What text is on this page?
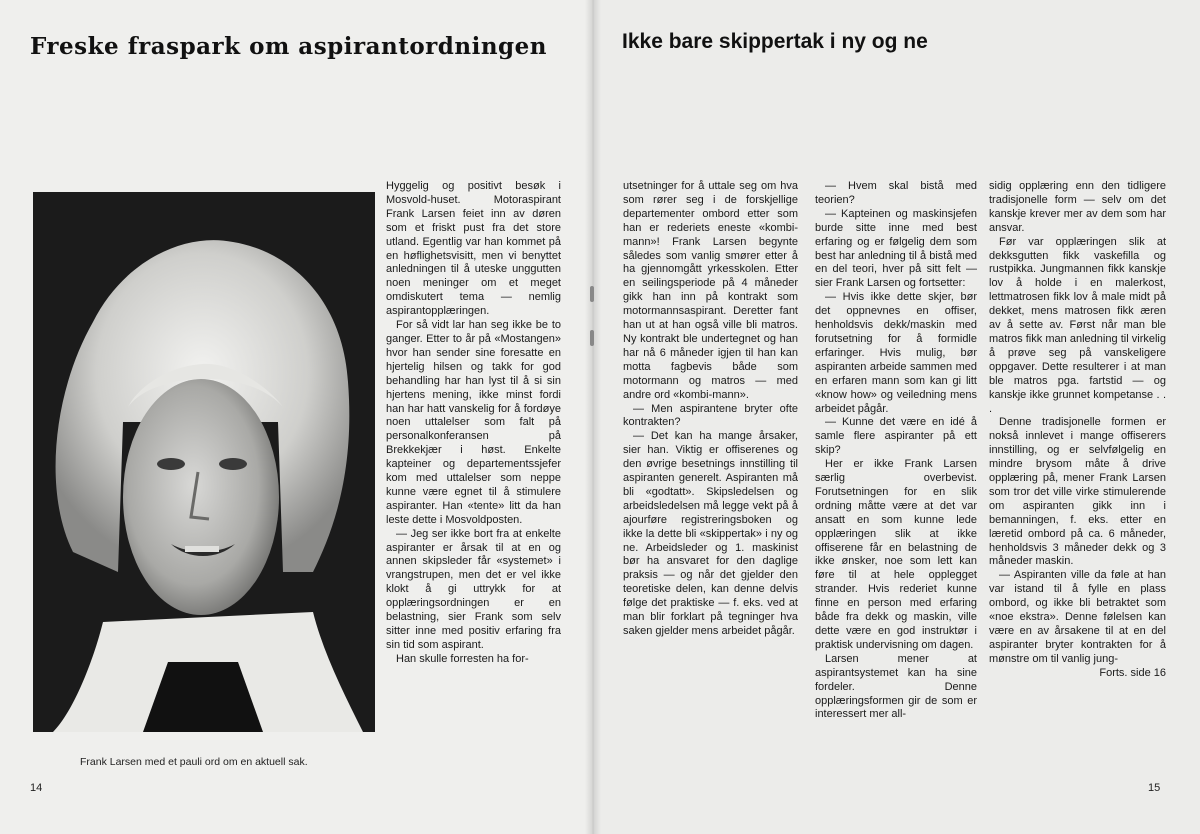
Freske fraspark om aspirantordningen

Frank Larsen med et pauli ord om en aktuell sak.

Hyggelig og positivt besøk i Mosvold-huset. Motoraspirant Frank Larsen feiet inn av døren som et friskt pust fra det store utland. Egentlig var han kommet på en høflighetsvisitt, men vi benyttet anledningen til å uteske unggutten noen meninger om et meget omdiskutert tema — nemlig aspirantopplæringen.

For så vidt lar han seg ikke be to ganger. Etter to år på «Mostangen» hvor han sender sine foresatte en hjertelig hilsen og takk for god behandling har han lyst til å si sin hjertens mening, ikke minst fordi han har hatt vanskelig for å fordøye noen uttalelser som falt på personalkonferansen på Brekkekjær i høst. Enkelte kapteiner og departementssjefer kom med uttalelser som neppe kunne være egnet til å stimulere aspiranter. Han «tente» litt da han leste dette i Mosvoldposten.

— Jeg ser ikke bort fra at enkelte aspiranter er årsak til at en og annen skipsleder får «systemet» i vrangstrupen, men det er vel ikke klokt å gi uttrykk for at opplæringsordningen er en belastning, sier Frank som selv sitter inne med positiv erfaring fra sin tid som aspirant.

Han skulle forresten ha for-

14

Ikke bare skippertak i ny og ne

utsetninger for å uttale seg om hva som rører seg i de forskjellige departementer ombord etter som han er rederiets eneste «kombi-mann»! Frank Larsen begynte således som vanlig smører etter å ha gjennomgått yrkesskolen. Etter en seilingsperiode på 4 måneder gikk han inn på kontrakt som motormannsaspirant. Deretter fant han ut at han også ville bli matros. Ny kontrakt ble undertegnet og han har nå 6 måneder igjen til han kan motta fagbevis både som motormann og matros — med andre ord «kombi-mann».

— Men aspirantene bryter ofte kontrakten?

— Det kan ha mange årsaker, sier han. Viktig er offiserenes og den øvrige besetnings innstilling til aspiranten generelt. Aspiranten må bli «godtatt». Skipsledelsen og arbeidsledelsen må legge vekt på å ajourføre registreringsboken og ikke la dette bli «skippertak» i ny og ne. Arbeidsleder og 1. maskinist bør ha ansvaret for den daglige praksis — og når det gjelder den teoretiske delen, kan denne delvis følge det praktiske — f. eks. ved at man blir forklart på tegninger hva saken gjelder mens arbeidet pågår.

— Hvem skal bistå med teorien?

— Kapteinen og maskinsjefen burde sitte inne med best erfaring og er følgelig dem som best har anledning til å bistå med en del teori, hver på sitt felt — sier Frank Larsen og fortsetter:

— Hvis ikke dette skjer, bør det oppnevnes en offiser, henholdsvis dekk/maskin med forutsetning for å formidle erfaringer. Hvis mulig, bør aspiranten arbeide sammen med en erfaren mann som kan gi litt «know how» og veiledning mens arbeidet pågår.

— Kunne det være en idé å samle flere aspiranter på ett skip?

Her er ikke Frank Larsen særlig overbevist. Forutsetningen for en slik ordning måtte være at det var ansatt en som kunne lede opplæringen slik at ikke offiserene får en belastning de ikke ønsker, noe som lett kan føre til at hele opplegget strander. Hvis rederiet kunne finne en person med erfaring både fra dekk og maskin, ville dette være en god instruktør i praktisk undervisning om dagen.

Larsen mener at aspirantsystemet kan ha sine fordeler. Denne opplæringsformen gir de som er interessert mer all-

sidig opplæring enn den tidligere tradisjonelle form — selv om det kanskje krever mer av dem som har ansvar.

Før var opplæringen slik at dekksgutten fikk vaskefilla og rustpikka. Jungmannen fikk kanskje lov å holde i en malerkost, lettmatrosen fikk lov å male midt på dekket, mens matrosen fikk æren av å sette av. Først når man ble matros fikk man anledning til virkelig å prøve seg på vanskeligere oppgaver. Dette resulterer i at man ble matros pga. fartstid — og kanskje ikke grunnet kompetanse . . .

Denne tradisjonelle formen er nokså innlevet i mange offiserers innstilling, og er selvfølgelig en mindre brysom måte å drive opplæring på, mener Frank Larsen som tror det ville virke stimulerende om aspiranten gikk inn i bemanningen, f. eks. etter en læretid ombord på ca. 6 måneder, henholdsvis 3 måneder dekk og 3 måneder maskin.

— Aspiranten ville da føle at han var istand til å fylle en plass ombord, og ikke bli betraktet som «noe ekstra». Denne følelsen kan være en av årsakene til at en del aspiranter bryter kontrakten for å mønstre om til vanlig jung-

Forts. side 16

15
